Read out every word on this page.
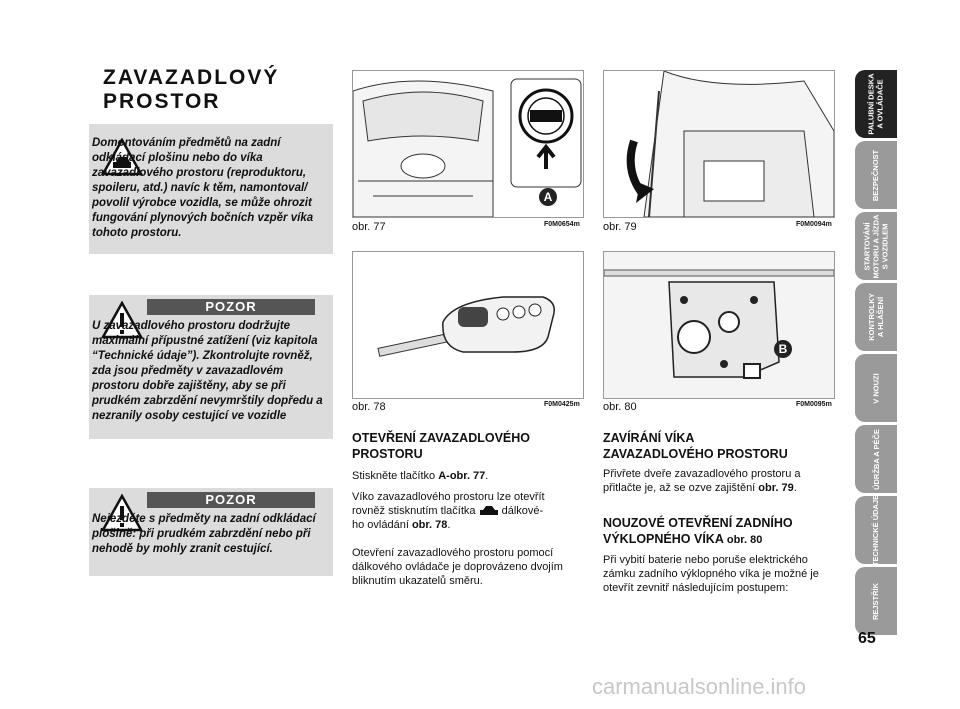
ZAVAZADLOVÝ
PROSTOR
Domontováním předmětů na zadní odkládací plošinu nebo do víka zavazadlového prostoru (reproduktoru, spoileru, atd.) navíc k těm, namontoval/ povolil výrobce vozidla, se může ohrozit fungování plynových bočních vzpěr víka tohoto prostoru.
POZOR
U zavazadlového prostoru dodržujte maximální přípustné zatížení (viz kapitola “Technické údaje”). Zkontrolujte rovněž, zda jsou předměty v zavazadlovém prostoru dobře zajištěny, aby se při prudkém zabrzdění nevymrštily dopředu a nezranily osoby cestující ve vozidle
POZOR
Nejezděte s předměty na zadní odkládací plošině: při prudkém zabrzdění nebo při nehodě by mohly zranit cestující.
A
obr. 77	F0M0654m obr. 79	F0M0094m
obr. 78	F0M0425m
B
obr. 80	F0M0095m
OTEVŘENÍ ZAVAZADLOVÉHO
PROSTORU
Stiskněte tlačítko A-obr. 77.
Víko zavazadlového prostoru lze otevřít
rovněž stisknutím tlačítka  dálkové-
ho ovládání obr. 78.
Otevření zavazadlového prostoru pomocí dálkového ovládače je doprovázeno dvojím bliknutím ukazatelů směru.
ZAVÍRÁNÍ VÍKA
ZAVAZADLOVÉHO PROSTORU
Přivřete dveře zavazadlového prostoru a přitlačte je, až se ozve zajištění obr. 79.
NOUZOVÉ OTEVŘENÍ ZADNÍHO
VÝKLOPNÉHO VÍKA obr. 80
Při vybití baterie nebo poruše elektrického zámku zadního výklopného víka je možné je otevřít zevnitř následujícím postupem:
PALUBNÍ DESKA
A OVLÁDAČE
BEZPEČNOST
STARTOVÁNÍ
MOTORU A JÍZDA
S VOZIDLEM
KONTROLKY
A HLÁŠENÍ
V NOUZI
ÚDRŽBA A PÉČE
TECHNICKÉ ÚDAJE
REJSTŘÍK
65
carmanualsonline.info
